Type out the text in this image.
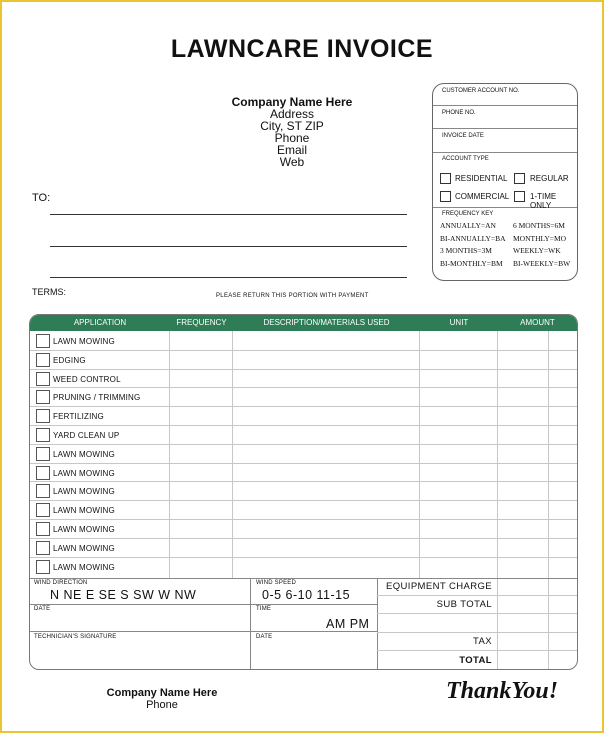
LAWNCARE INVOICE
Company Name Here
Address
City, ST ZIP
Phone
Email
Web
TO:
TERMS:	PLEASE RETURN THIS PORTION WITH PAYMENT
CUSTOMER ACCOUNT NO.
PHONE NO.
INVOICE DATE
ACCOUNT TYPE
RESIDENTIAL	REGULAR
COMMERCIAL	1-TIME ONLY
FREQUENCY KEY
ANNUALLY=AN 6 MONTHS=6M
BI-ANNUALLY=BA MONTHLY=MO
3 MONTHS=3M	WEEKLY=WK
BI-MONTHLY=BM BI-WEEKLY=BW
APPLICATION	FREQUENCY	DESCRIPTION/MATERIALS USED	UNIT	AMOUNT
LAWN MOWING
EDGING
WEED CONTROL
PRUNING / TRIMMING
FERTILIZING
YARD CLEAN UP
LAWN MOWING
LAWN MOWING
LAWN MOWING
LAWN MOWING
LAWN MOWING
LAWN MOWING
LAWN MOWING
WIND DIRECTION
N NE E SE S SW W NW
WIND SPEED
0-5 6-10 11-15
DATE	TIME
AM PM
TECHNICIAN'S SIGNATURE	DATE
EQUIPMENT CHARGE
SUB TOTAL
TAX
TOTAL
Company Name Here
Phone
ThankYou!
